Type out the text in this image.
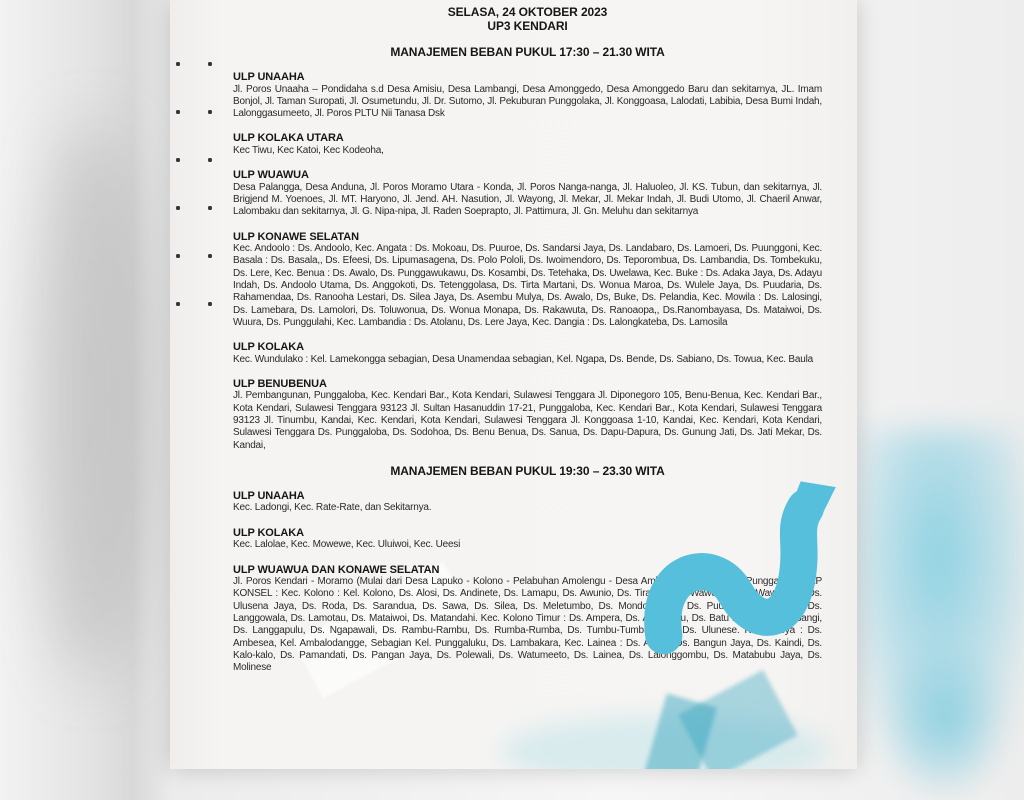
SELASA, 24 OKTOBER 2023
UP3 KENDARI
MANAJEMEN BEBAN PUKUL 17:30 – 21.30 WITA
ULP UNAAHA

Jl. Poros Unaaha – Pondidaha s.d Desa Amisiu, Desa Lambangi, Desa Amonggedo, Desa Amonggedo Baru dan sekitarnya, JL. Imam Bonjol, Jl. Taman Suropati, Jl. Osumetundu, Jl. Dr. Sutomo, Jl. Pekuburan Punggolaka, Jl. Konggoasa, Lalodati, Labibia, Desa Bumi Indah, Lalonggasumeeto, Jl. Poros PLTU Nii Tanasa Dsk

ULP KOLAKA UTARA

Kec Tiwu, Kec Katoi, Kec Kodeoha,

ULP WUAWUA

Desa Palangga, Desa Anduna, Jl. Poros Moramo Utara - Konda, Jl. Poros Nanga-nanga, Jl. Haluoleo, Jl. KS. Tubun, dan sekitarnya, Jl. Brigjend M. Yoenoes, Jl. MT. Haryono, Jl. Jend. AH. Nasution, Jl. Wayong, Jl. Mekar, Jl. Mekar Indah, Jl. Budi Utomo, Jl. Chaeril Anwar, Lalombaku dan sekitarnya, Jl. G. Nipa-nipa, Jl. Raden Soeprapto, Jl. Pattimura, Jl. Gn. Meluhu dan sekitarnya

ULP KONAWE SELATAN

Kec. Andoolo : Ds. Andoolo, Kec. Angata : Ds. Mokoau, Ds. Puuroe, Ds. Sandarsi Jaya, Ds. Landabaro, Ds. Lamoeri, Ds. Puunggoni, Kec. Basala : Ds. Basala,, Ds. Efeesi, Ds. Lipumasagena, Ds. Polo Pololi, Ds. Iwoimendoro, Ds. Teporombua, Ds. Lambandia, Ds. Tombekuku, Ds. Lere, Kec. Benua : Ds. Awalo, Ds. Punggawukawu, Ds. Kosambi, Ds. Tetehaka, Ds. Uwelawa, Kec. Buke : Ds. Adaka Jaya, Ds. Adayu Indah, Ds. Andoolo Utama, Ds. Anggokoti, Ds. Tetenggolasa, Ds. Tirta Martani, Ds. Wonua Maroa, Ds. Wulele Jaya, Ds. Puudaria, Ds. Rahamendaa, Ds. Ranooha Lestari, Ds. Silea Jaya, Ds. Asembu Mulya, Ds. Awalo, Ds, Buke, Ds. Pelandia, Kec. Mowila : Ds. Lalosingi, Ds. Lamebara, Ds. Lamolori, Ds. Toluwonua, Ds. Wonua Monapa, Ds. Rakawuta, Ds. Ranoaopa,, Ds.Ranombayasa, Ds. Mataiwoi, Ds. Wuura, Ds. Punggulahi, Kec. Lambandia : Ds. Atolanu, Ds. Lere Jaya, Kec. Dangia : Ds. Lalongkateba, Ds. Lamosila

ULP KOLAKA

Kec. Wundulako : Kel. Lamekongga sebagian, Desa Unamendaa sebagian, Kel. Ngapa, Ds. Bende, Ds. Sabiano, Ds. Towua, Kec. Baula

ULP BENUBENUA

Jl. Pembangunan, Punggaloba, Kec. Kendari Bar., Kota Kendari, Sulawesi Tenggara Jl. Diponegoro 105, Benu-Benua, Kec. Kendari Bar., Kota Kendari, Sulawesi Tenggara 93123 Jl. Sultan Hasanuddin 17-21, Punggaloba, Kec. Kendari Bar., Kota Kendari, Sulawesi Tenggara 93123 Jl. Tinumbu, Kandai, Kec. Kendari, Kota Kendari, Sulawesi Tenggara Jl. Konggoasa 1-10, Kandai, Kec. Kendari, Kota Kendari, Sulawesi Tenggara Ds. Punggaloba, Ds. Sodohoa, Ds. Benu Benua, Ds. Sanua, Ds. Dapu-Dapura, Ds. Gunung Jati, Ds. Jati Mekar, Ds. Kandai,

MANAJEMEN BEBAN PUKUL 19:30 – 23.30 WITA
ULP UNAAHA

Kec. Ladongi, Kec. Rate-Rate, dan Sekitarnya.

ULP KOLAKA

Kec. Lalolae, Kec. Mowewe, Kec. Uluiwoi, Kec. Ueesi

ULP WUAWUA DAN KONAWE SELATAN

Jl. Poros Kendari - Moramo (Mulai dari Desa Lapuko - Kolono - Pelabuhan Amolengu - Desa Ambesea - Kantor PLN Punggaluku) ULP KONSEL : Kec. Kolono : Kel. Kolono, Ds. Alosi, Ds. Andinete, Ds. Lamapu, Ds. Awunio, Ds. Tiraosu, Ds. Wawoosu, Ds. Waworano, Ds. Ulusena Jaya, Ds. Roda, Ds. Sarandua, Ds. Sawa, Ds. Silea, Ds. Meletumbo, Ds. Mondoe Jaya, Ds. Puudongi, Ds. Puupi, Ds. Langgowala, Ds. Lamotau, Ds. Mataiwoi, Ds. Matandahi. Kec. Kolono Timur : Ds. Ampera, Ds. Amolengu, Ds. Batu Putih, Ds. Lambangi, Ds. Langgapulu, Ds. Ngapawali, Ds. Rambu-Rambu, Ds. Rumba-Rumba, Ds. Tumbu-Tumbu Jaya, Ds. Ulunese. Kec. Laeya : Ds. Ambesea, Kel. Ambalodangge, Sebagian Kel. Punggaluku, Ds. Lambakara, Kec. Lainea : Ds. Aoreo, Ds. Bangun Jaya, Ds. Kaindi, Ds. Kalo-kalo, Ds. Pamandati, Ds. Pangan Jaya, Ds. Polewali, Ds. Watumeeto, Ds. Lainea, Ds. Lalonggombu, Ds. Matabubu Jaya, Ds. Molinese
